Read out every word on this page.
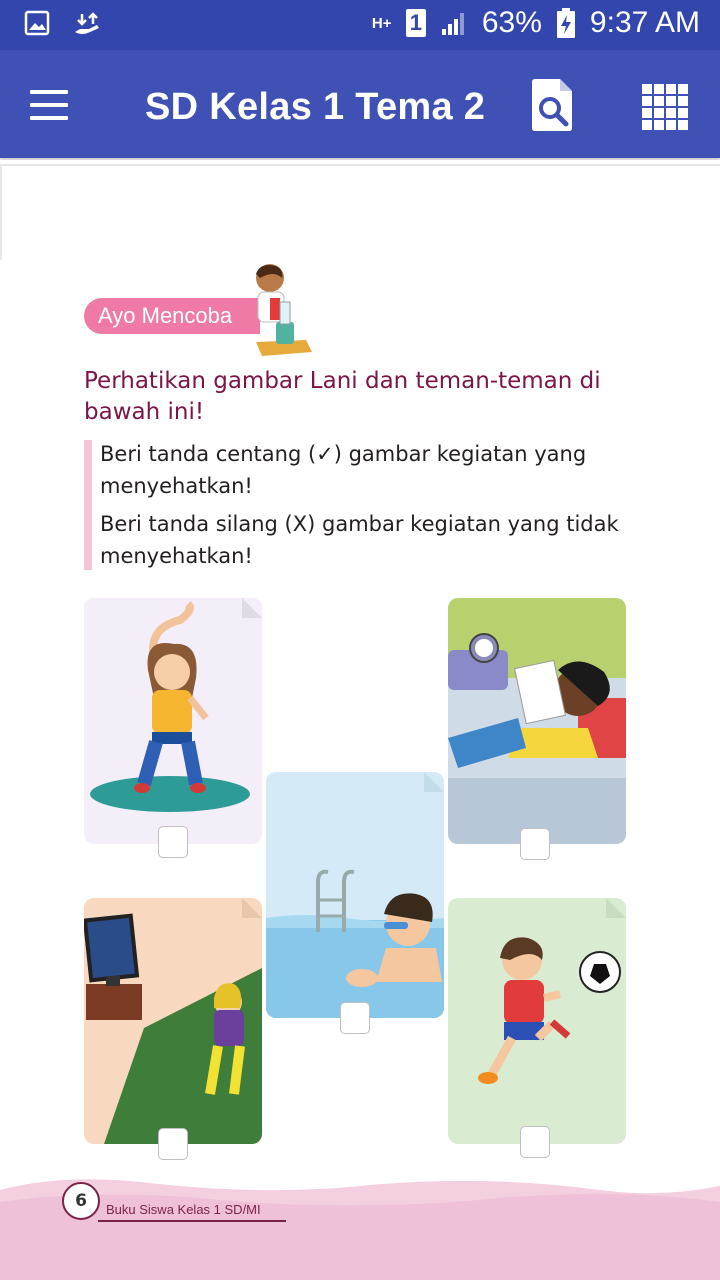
H+ 1 63% 9:37 AM
SD Kelas 1 Tema 2
Ayo Mencoba
Perhatikan gambar Lani dan teman-teman di
bawah ini!
Beri tanda centang (✓) gambar kegiatan yang
menyehatkan!
Beri tanda silang (X) gambar kegiatan yang tidak
menyehatkan!
6	Buku Siswa Kelas 1 SD/MI
